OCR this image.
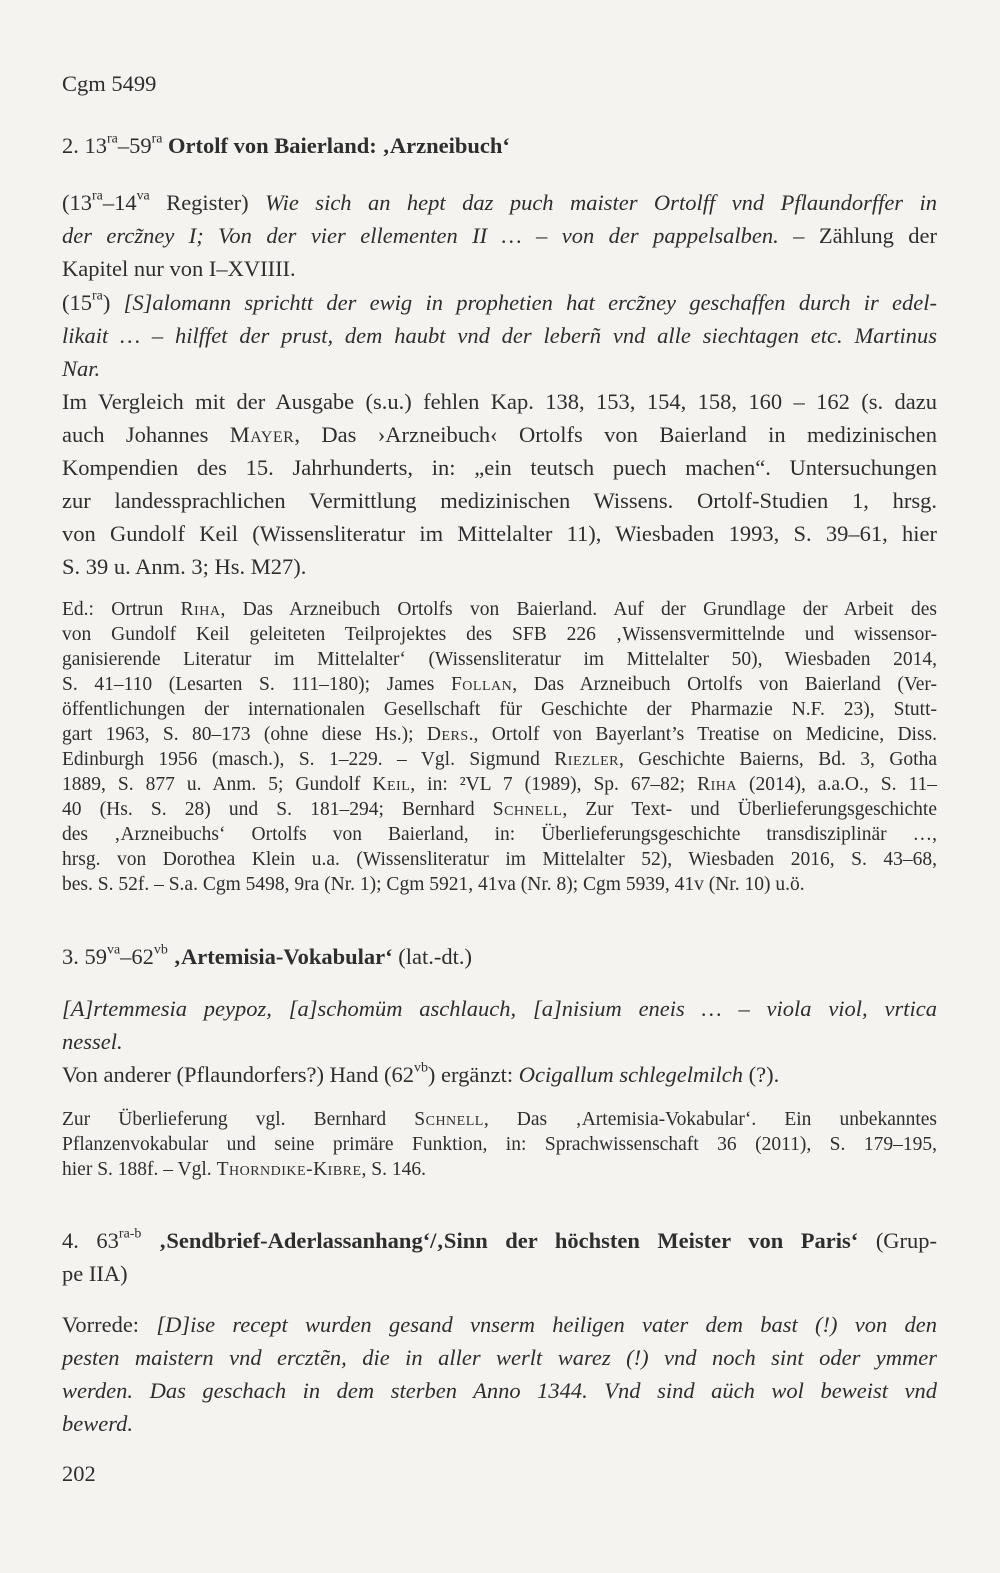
Cgm 5499
2. $13^{ra}-59^{ra}$ Ortolf von Baierland: ‚Arzneibuch‘
($13^{ra}-14^{va}$ Register) Wie sich an hept daz puch maister Ortolff vnd Pflaundorffer in
der ercz̃ney I; Von der vier ellementen II … – von der pappelsalben. – Zählung der
Kapitel nur von I–XVIIII.
$(15^{ra})$ [S]alomann sprichtt der ewig in prophetien hat ercz̃ney geschaffen durch ir edel-
likait … – hilffet der prust, dem haubt vnd der leberñ vnd alle siechtagen etc. Martinus
Nar.
Im Vergleich mit der Ausgabe (s.u.) fehlen Kap. 138, 153, 154, 158, 160 – 162 (s. dazu
auch Johannes Mayer, Das ›Arzneibuch‹ Ortolfs von Baierland in medizinischen
Kompendien des 15. Jahrhunderts, in: „ein teutsch puech machen“. Untersuchungen
zur landessprachlichen Vermittlung medizinischen Wissens. Ortolf-Studien 1, hrsg.
von Gundolf Keil (Wissensliteratur im Mittelalter 11), Wiesbaden 1993, S. 39–61, hier
S. 39 u. Anm. 3; Hs. M27).
Ed.: Ortrun Riha, Das Arzneibuch Ortolfs von Baierland. Auf der Grundlage der Arbeit des
von Gundolf Keil geleiteten Teilprojektes des SFB 226 ‚Wissensvermittelnde und wissensor-
ganisierende Literatur im Mittelalter‘ (Wissensliteratur im Mittelalter 50), Wiesbaden 2014,
S. 41–110 (Lesarten S. 111–180); James Follan, Das Arzneibuch Ortolfs von Baierland (Ver-
öffentlichungen der internationalen Gesellschaft für Geschichte der Pharmazie N.F. 23), Stutt-
gart 1963, S. 80–173 (ohne diese Hs.); Ders., Ortolf von Bayerlant’s Treatise on Medicine, Diss.
Edinburgh 1956 (masch.), S. 1–229. – Vgl. Sigmund Riezler, Geschichte Baierns, Bd. 3, Gotha
1889, S. 877 u. Anm. 5; Gundolf Keil, in: ²VL 7 (1989), Sp. 67–82; Riha (2014), a.a.O., S. 11–
40 (Hs. S. 28) und S. 181–294; Bernhard Schnell, Zur Text- und Überlieferungsgeschichte
des ‚Arzneibuchs‘ Ortolfs von Baierland, in: Überlieferungsgeschichte transdisziplinär …,
hrsg. von Dorothea Klein u.a. (Wissensliteratur im Mittelalter 52), Wiesbaden 2016, S. 43–68,
bes. S. 52f. – S.a. Cgm 5498, 9ra (Nr. 1); Cgm 5921, 41va (Nr. 8); Cgm 5939, 41v (Nr. 10) u.ö.
3. $59^{va}-62^{vb}$ ‚Artemisia-Vokabular‘ (lat.-dt.)
[A]rtemmesia peypoz, [a]schomüm aschlauch, [a]nisium eneis … – viola viol, vrtica
nessel.
Von anderer (Pflaundorfers?) Hand $(62^{vb})$ ergänzt: Ocigallum schlegelmilch (?).
Zur Überlieferung vgl. Bernhard Schnell, Das ‚Artemisia-Vokabular‘. Ein unbekanntes
Pflanzenvokabular und seine primäre Funktion, in: Sprachwissenschaft 36 (2011), S. 179–195,
hier S. 188f. – Vgl. Thorndike-Kibre, S. 146.
4. $63^{ra-b}$ ‚Sendbrief-Aderlassanhang‘/‚Sinn der höchsten Meister von Paris‘ (Grup-
pe IIA)
Vorrede: [D]ise recept wurden gesand vnserm heiligen vater dem bast (!) von den
pesten maistern vnd ercztẽn, die in aller werlt warez (!) vnd noch sint oder ymmer
werden. Das geschach in dem sterben Anno 1344. Vnd sind aüch wol beweist vnd
bewerd.
202
